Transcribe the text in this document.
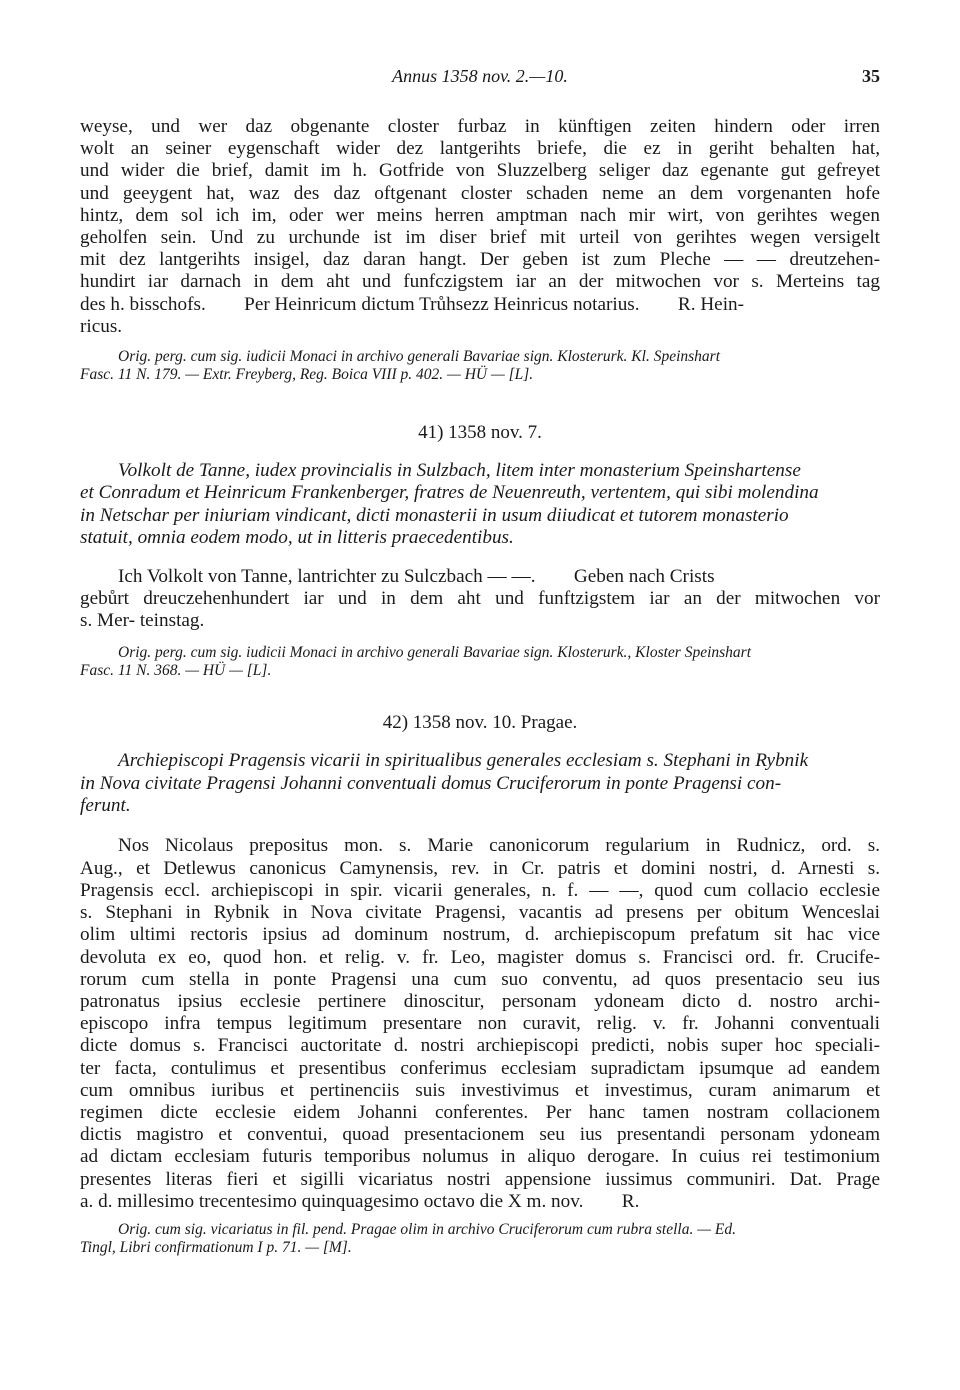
Annus 1358 nov. 2.—10.	35
weyse, und wer daz obgenante closter furbaz in künftigen zeiten hindern oder irren
wolt an seiner eygenschaft wider dez lantgerihts briefe, die ez in geriht behalten hat,
und wider die brief, damit im h. Gotfride von Sluzzelberg seliger daz egenante gut gefreyet
und geeygent hat, waz des daz oftgenant closter schaden neme an dem vorgenanten hofe
hintz, dem sol ich im, oder wer meins herren amptman nach mir wirt, von gerihtes wegen
geholfen sein. Und zu urchunde ist im diser brief mit urteil von gerihtes wegen versigelt
mit dez lantgerihts insigel, daz daran hangt. Der geben ist zum Pleche — — dreutzehen-
hundirt iar darnach in dem aht und funfczigstem iar an der mitwochen vor s. Merteins tag
des h. bisschofs.        Per Heinricum dictum Trůhsezz Heinricus notarius.        R. Hein-
ricus.
Orig. perg. cum sig. iudicii Monaci in archivo generali Bavariae sign. Klosterurk. Kl. Speinshart
Fasc. 11 N. 179. — Extr. Freyberg, Reg. Boica VIII p. 402. — HÜ — [L].
41) 1358 nov. 7.
Volkolt de Tanne, iudex provincialis in Sulzbach, litem inter monasterium Speinshartense
et Conradum et Heinricum Frankenberger, fratres de Neuenreuth, vertentem, qui sibi molendina
in Netschar per iniuriam vindicant, dicti monasterii in usum diiudicat et tutorem monasterio
statuit, omnia eodem modo, ut in litteris praecedentibus.
Ich Volkolt von Tanne, lantrichter zu Sulczbach — —.        Geben nach Crists
gebůrt dreuczehenhundert iar und in dem aht und funftzigstem iar an der mitwochen vor
s. Mer- teinstag.
Orig. perg. cum sig. iudicii Monaci in archivo generali Bavariae sign. Klosterurk., Kloster Speinshart
Fasc. 11 N. 368. — HÜ — [L].
42) 1358 nov. 10. Pragae.
Archiepiscopi Pragensis vicarii in spiritualibus generales ecclesiam s. Stephani in Rybnik
in Nova civitate Pragensi Johanni conventuali domus Cruciferorum in ponte Pragensi con-
ferunt.
Nos Nicolaus prepositus mon. s. Marie canonicorum regularium in Rudnicz, ord. s.
Aug., et Detlewus canonicus Camynensis, rev. in Cr. patris et domini nostri, d. Arnesti s.
Pragensis eccl. archiepiscopi in spir. vicarii generales, n. f. — —, quod cum collacio ecclesie
s. Stephani in Rybnik in Nova civitate Pragensi, vacantis ad presens per obitum Wenceslai
olim ultimi rectoris ipsius ad dominum nostrum, d. archiepiscopum prefatum sit hac vice
devoluta ex eo, quod hon. et relig. v. fr. Leo, magister domus s. Francisci ord. fr. Crucife-
rorum cum stella in ponte Pragensi una cum suo conventu, ad quos presentacio seu ius
patronatus ipsius ecclesie pertinere dinoscitur, personam ydoneam dicto d. nostro archi-
episcopo infra tempus legitimum presentare non curavit, relig. v. fr. Johanni conventuali
dicte domus s. Francisci auctoritate d. nostri archiepiscopi predicti, nobis super hoc speciali-
ter facta, contulimus et presentibus conferimus ecclesiam supradictam ipsumque ad eandem
cum omnibus iuribus et pertinenciis suis investivimus et investimus, curam animarum et
regimen dicte ecclesie eidem Johanni conferentes. Per hanc tamen nostram collacionem
dictis magistro et conventui, quoad presentacionem seu ius presentandi personam ydoneam
ad dictam ecclesiam futuris temporibus nolumus in aliquo derogare. In cuius rei testimonium
presentes literas fieri et sigilli vicariatus nostri appensione iussimus communiri. Dat. Prage
a. d. millesimo trecentesimo quinquagesimo octavo die X m. nov.        R.
Orig. cum sig. vicariatus in fil. pend. Pragae olim in archivo Cruciferorum cum rubra stella. — Ed.
Tingl, Libri confirmationum I p. 71. — [M].
